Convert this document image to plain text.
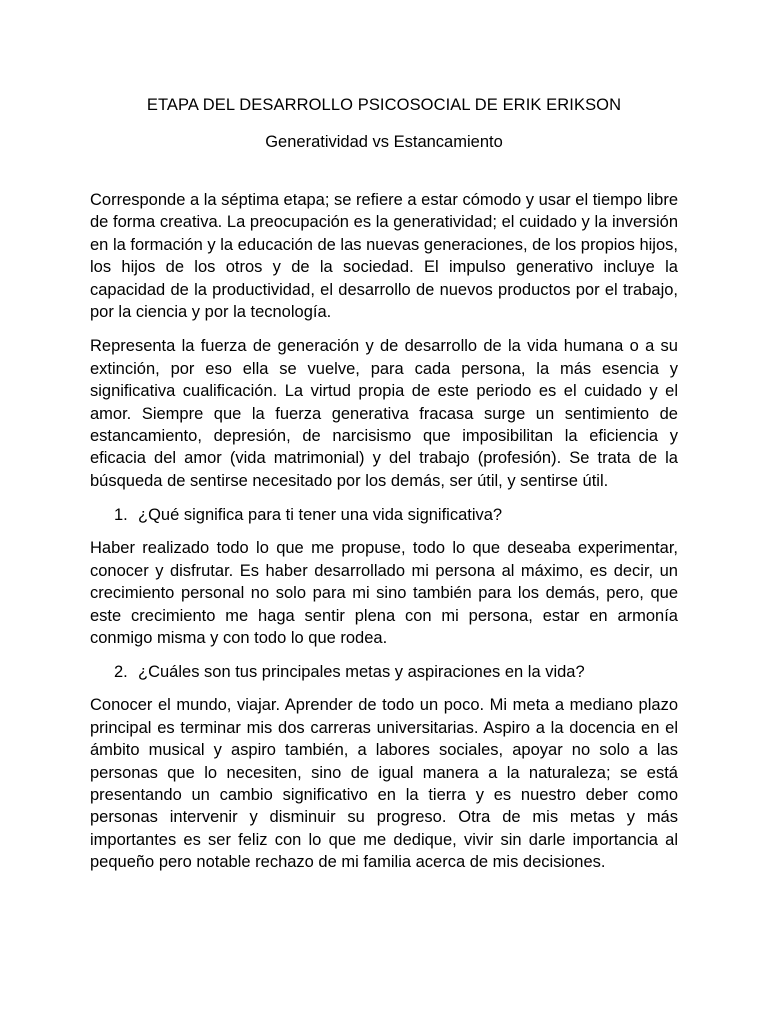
ETAPA DEL DESARROLLO PSICOSOCIAL DE ERIK ERIKSON
Generatividad vs Estancamiento

Corresponde a la séptima etapa; se refiere a estar cómodo y usar el tiempo libre de forma creativa. La preocupación es la generatividad; el cuidado y la inversión en la formación y la educación de las nuevas generaciones, de los propios hijos, los hijos de los otros y de la sociedad. El impulso generativo incluye la capacidad de la productividad, el desarrollo de nuevos productos por el trabajo, por la ciencia y por la tecnología.

Representa la fuerza de generación y de desarrollo de la vida humana o a su extinción, por eso ella se vuelve, para cada persona, la más esencia y significativa cualificación. La virtud propia de este periodo es el cuidado y el amor. Siempre que la fuerza generativa fracasa surge un sentimiento de estancamiento, depresión, de narcisismo que imposibilitan la eficiencia y eficacia del amor (vida matrimonial) y del trabajo (profesión). Se trata de la búsqueda de sentirse necesitado por los demás, ser útil, y sentirse útil.

1. ¿Qué significa para ti tener una vida significativa?

Haber realizado todo lo que me propuse, todo lo que deseaba experimentar, conocer y disfrutar. Es haber desarrollado mi persona al máximo, es decir, un crecimiento personal no solo para mi sino también para los demás, pero, que este crecimiento me haga sentir plena con mi persona, estar en armonía conmigo misma y con todo lo que rodea.

2. ¿Cuáles son tus principales metas y aspiraciones en la vida?

Conocer el mundo, viajar. Aprender de todo un poco. Mi meta a mediano plazo principal es terminar mis dos carreras universitarias. Aspiro a la docencia en el ámbito musical y aspiro también, a labores sociales, apoyar no solo a las personas que lo necesiten, sino de igual manera a la naturaleza; se está presentando un cambio significativo en la tierra y es nuestro deber como personas intervenir y disminuir su progreso. Otra de mis metas y más importantes es ser feliz con lo que me dedique, vivir sin darle importancia al pequeño pero notable rechazo de mi familia acerca de mis decisiones.
